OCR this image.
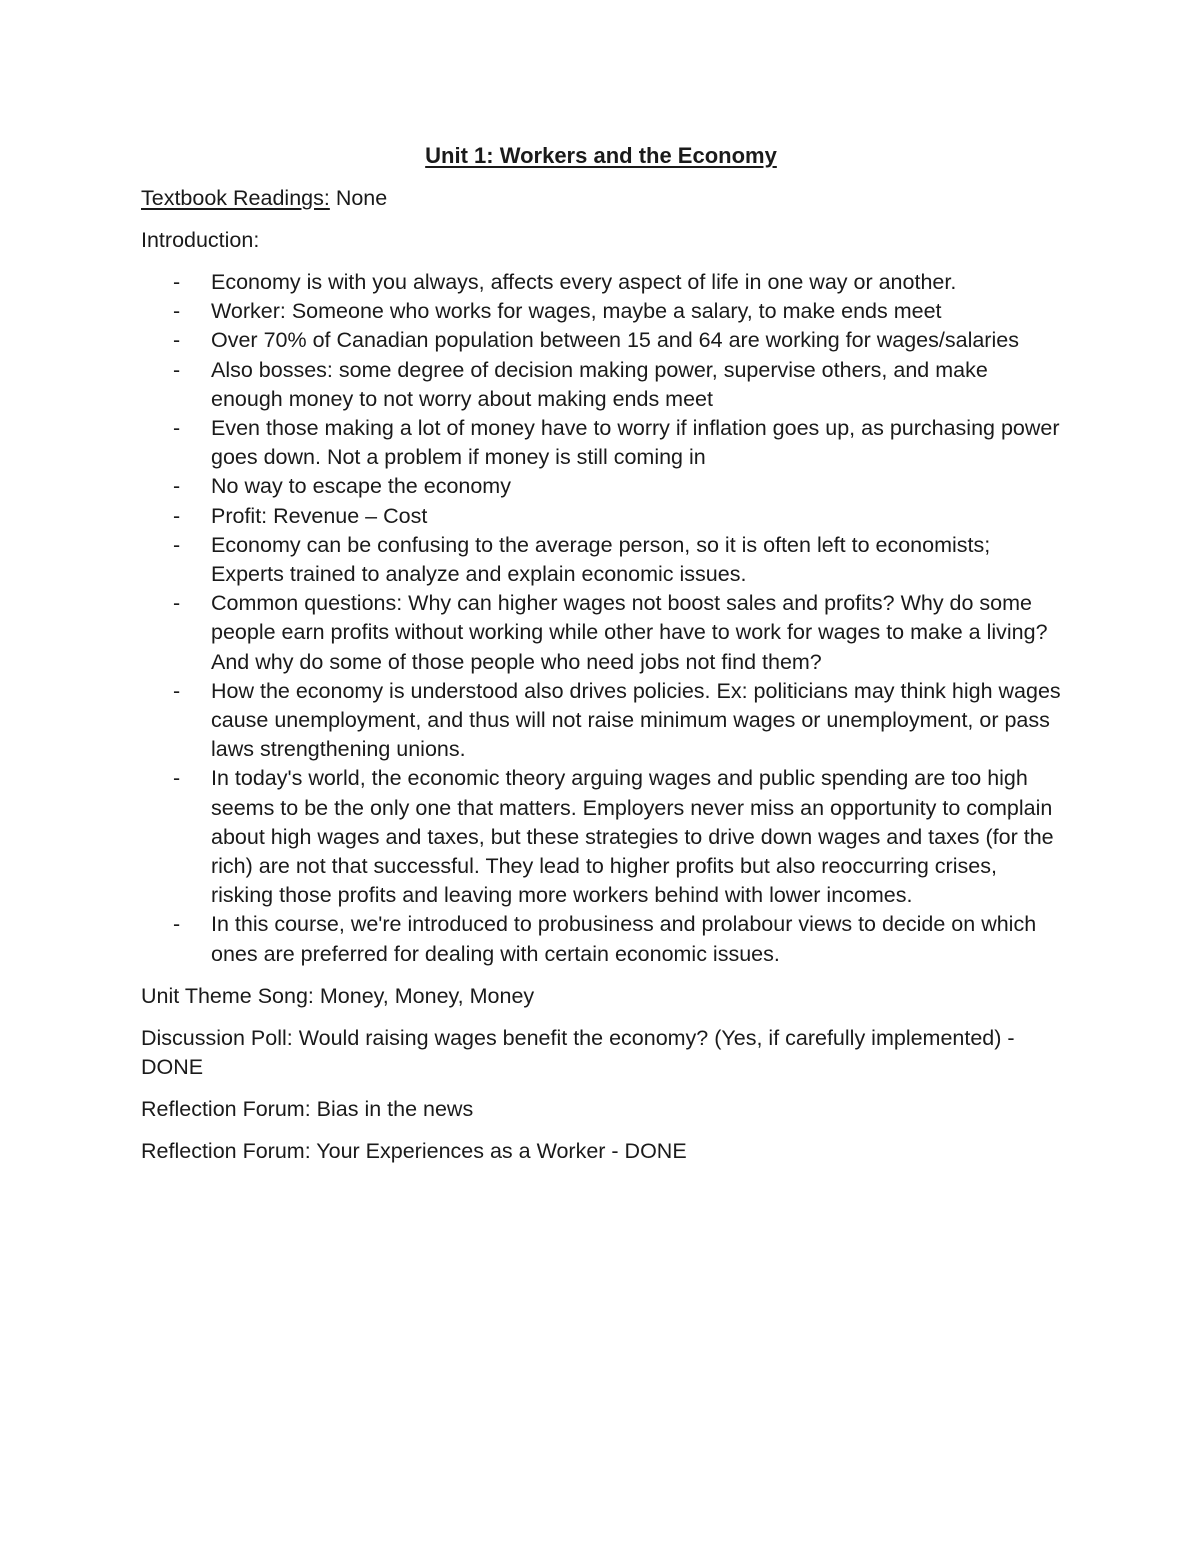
Unit 1: Workers and the Economy

Textbook Readings: None

Introduction:

- Economy is with you always, affects every aspect of life in one way or another.
- Worker: Someone who works for wages, maybe a salary, to make ends meet
- Over 70% of Canadian population between 15 and 64 are working for wages/salaries
- Also bosses: some degree of decision making power, supervise others, and make enough money to not worry about making ends meet
- Even those making a lot of money have to worry if inflation goes up, as purchasing power goes down. Not a problem if money is still coming in
- No way to escape the economy
- Profit: Revenue – Cost
- Economy can be confusing to the average person, so it is often left to economists; Experts trained to analyze and explain economic issues.
- Common questions: Why can higher wages not boost sales and profits? Why do some people earn profits without working while other have to work for wages to make a living? And why do some of those people who need jobs not find them?
- How the economy is understood also drives policies. Ex: politicians may think high wages cause unemployment, and thus will not raise minimum wages or unemployment, or pass laws strengthening unions.
- In today's world, the economic theory arguing wages and public spending are too high seems to be the only one that matters. Employers never miss an opportunity to complain about high wages and taxes, but these strategies to drive down wages and taxes (for the rich) are not that successful. They lead to higher profits but also reoccurring crises, risking those profits and leaving more workers behind with lower incomes.
- In this course, we're introduced to probusiness and prolabour views to decide on which ones are preferred for dealing with certain economic issues.

Unit Theme Song: Money, Money, Money

Discussion Poll: Would raising wages benefit the economy? (Yes, if carefully implemented) - DONE

Reflection Forum: Bias in the news

Reflection Forum: Your Experiences as a Worker - DONE
